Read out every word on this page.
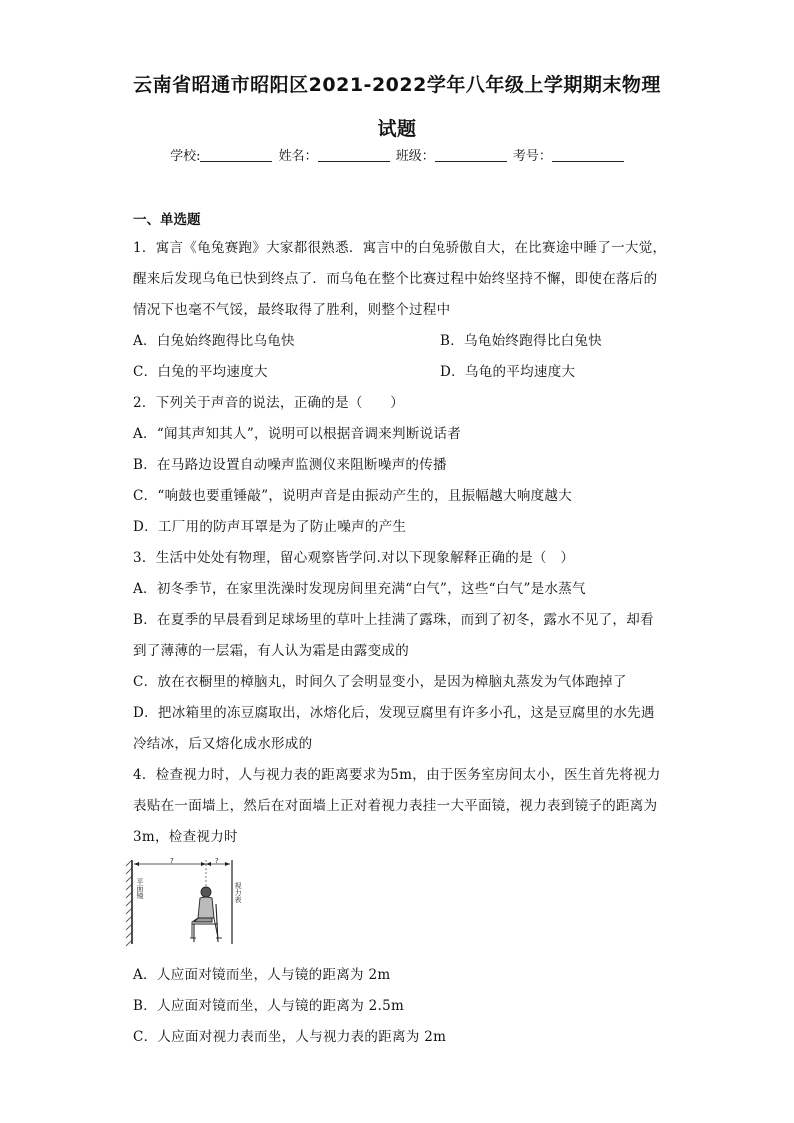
云南省昭通市昭阳区2021-2022学年八年级上学期期末物理
试题
学校:	姓名：	班级：	考号：
一、单选题
1．寓言《龟兔赛跑》大家都很熟悉．寓言中的白兔骄傲自大，在比赛途中睡了一大觉，
醒来后发现乌龟已快到终点了．而乌龟在整个比赛过程中始终坚持不懈，即使在落后的
情况下也毫不气馁，最终取得了胜利，则整个过程中
A．白兔始终跑得比乌龟快	B．乌龟始终跑得比白兔快
C．白兔的平均速度大	D．乌龟的平均速度大
2．下列关于声音的说法，正确的是（　　）
A．“闻其声知其人”，说明可以根据音调来判断说话者
B．在马路边设置自动噪声监测仪来阻断噪声的传播
C．“响鼓也要重锤敲”，说明声音是由振动产生的，且振幅越大响度越大
D．工厂用的防声耳罩是为了防止噪声的产生
3．生活中处处有物理，留心观察皆学问.对以下现象解释正确的是（　）
A．初冬季节，在家里洗澡时发现房间里充满“白气”，这些“白气”是水蒸气
B．在夏季的早晨看到足球场里的草叶上挂满了露珠，而到了初冬，露水不见了，却看
到了薄薄的一层霜，有人认为霜是由露变成的
C．放在衣橱里的樟脑丸，时间久了会明显变小，是因为樟脑丸蒸发为气体跑掉了
D．把冰箱里的冻豆腐取出，冰熔化后，发现豆腐里有许多小孔，这是豆腐里的水先遇
冷结冰，后又熔化成水形成的
4．检查视力时，人与视力表的距离要求为5m，由于医务室房间太小，医生首先将视力
表贴在一面墙上，然后在对面墙上正对着视力表挂一大平面镜，视力表到镜子的距离为
3m，检查视力时
?	?
平面镜	视力表
A．人应面对镜而坐，人与镜的距离为 2m
B．人应面对镜而坐，人与镜的距离为 2.5m
C．人应面对视力表而坐，人与视力表的距离为 2m
